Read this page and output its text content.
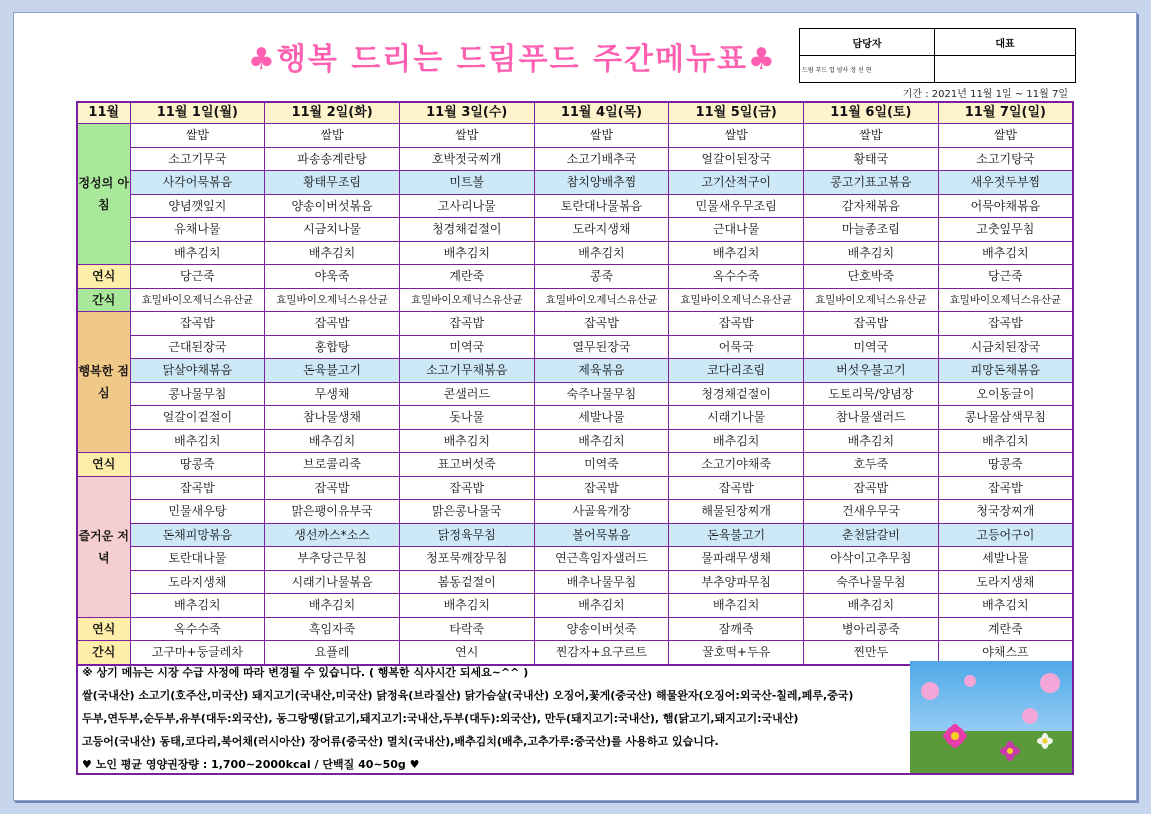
♣행복 드리는 드림푸드 주간메뉴표♣	담당자	대표
드림 푸드 업 양사 정 선 현	
기간 : 2021년 11월 1일 ~ 11월 7일
11월	11월 1일(월)	11월 2일(화)	11월 3일(수)	11월 4일(목)	11월 5일(금)	11월 6일(토)	11월 7일(일)
정성의 아침	쌀밥	쌀밥	쌀밥	쌀밥	쌀밥	쌀밥	쌀밥
	소고기무국	파송송계란탕	호박젓국찌개	소고기배추국	얼갈이된장국	황태국	소고기탕국
	사각어묵볶음	황태무조림	미트볼	참치양배추찜	고기산적구이	콩고기표고볶음	새우젓두부찜
	양념깻잎지	양송이버섯볶음	고사리나물	토란대나물볶음	민물새우무조림	감자채볶음	어묵야채볶음
	유채나물	시금치나물	청경채겉절이	도라지생채	근대나물	마늘종조림	고춧잎무침
	배추김치	배추김치	배추김치	배추김치	배추김치	배추김치	배추김치
연식	당근죽	야욱죽	계란죽	콩죽	옥수수죽	단호박죽	당근죽
간식	효밀바이오제닉스유산균	효밀바이오제닉스유산균	효밀바이오제닉스유산균	효밀바이오제닉스유산균	효밀바이오제닉스유산균	효밀바이오제닉스유산균	효밀바이오제닉스유산균
행복한 점심	잡곡밥	잡곡밥	잡곡밥	잡곡밥	잡곡밥	잡곡밥	잡곡밥
	근대된장국	홍합탕	미역국	열무된장국	어묵국	미역국	시금치된장국
	닭살야채볶음	돈육불고기	소고기무채볶음	제육볶음	코다리조림	버섯우불고기	피망돈채볶음
	콩나물무침	무생채	콘샐러드	숙주나물무침	청경채겉절이	도토리묵/양념장	오이동글이
	얼갈이겉절이	참나물생채	돗나물	세발나물	시래기나물	참나물샐러드	콩나물삼색무침
	배추김치	배추김치	배추김치	배추김치	배추김치	배추김치	배추김치
연식	땅콩죽	브로콜리죽	표고버섯죽	미역죽	소고기야채죽	호두죽	땅콩죽
즐거운 저녁	잡곡밥	잡곡밥	잡곡밥	잡곡밥	잡곡밥	잡곡밥	잡곡밥
	민물새우탕	맑은팽이유부국	맑은콩나물국	사골육개장	해물된장찌개	건새우무국	청국장찌개
	돈채피망볶음	생선까스*소스	닭정육무침	볼어묵볶음	돈육불고기	춘천닭갈비	고등어구이
	토란대나물	부추당근무침	청포묵깨장무침	연근흑임자샐러드	물파래무생채	아삭이고추무침	세발나물
	도라지생채	시래기나물볶음	봄동겉절이	배추나물무침	부추양파무침	숙주나물무침	도라지생채
	배추김치	배추김치	배추김치	배추김치	배추김치	배추김치	배추김치
연식	옥수수죽	흑임자죽	타락죽	양송이버섯죽	잠깨죽	병아리콩죽	계란죽
간식	고구마+둥글레차	요플레	연시	찐감자+요구르트	꿀호떡+두유	찐만두	야채스프
※ 상기 메뉴는 시장 수급 사정에 따라 변경될 수 있습니다. ( 행복한 식사시간 되세요~^^ )
쌀(국내산) 소고기(호주산,미국산) 돼지고기(국내산,미국산) 닭정육(브라질산) 닭가슴살(국내산) 오징어,꽃게(중국산) 해물완자(오징어:외국산-칠레,페루,중국)
두부,연두부,순두부,유부(대두:외국산), 동그랑땡(닭고기,돼지고기:국내산,두부(대두):외국산), 만두(돼지고기:국내산), 햄(닭고기,돼지고기:국내산)
고등어(국내산) 동태,코다리,북어채(러시아산) 장어류(중국산) 멸치(국내산),배추김치(배추,고추가루:중국산)를 사용하고 있습니다.
♥ 노인 평균 영양권장량 : 1,700~2000kcal / 단백질 40~50g ♥
